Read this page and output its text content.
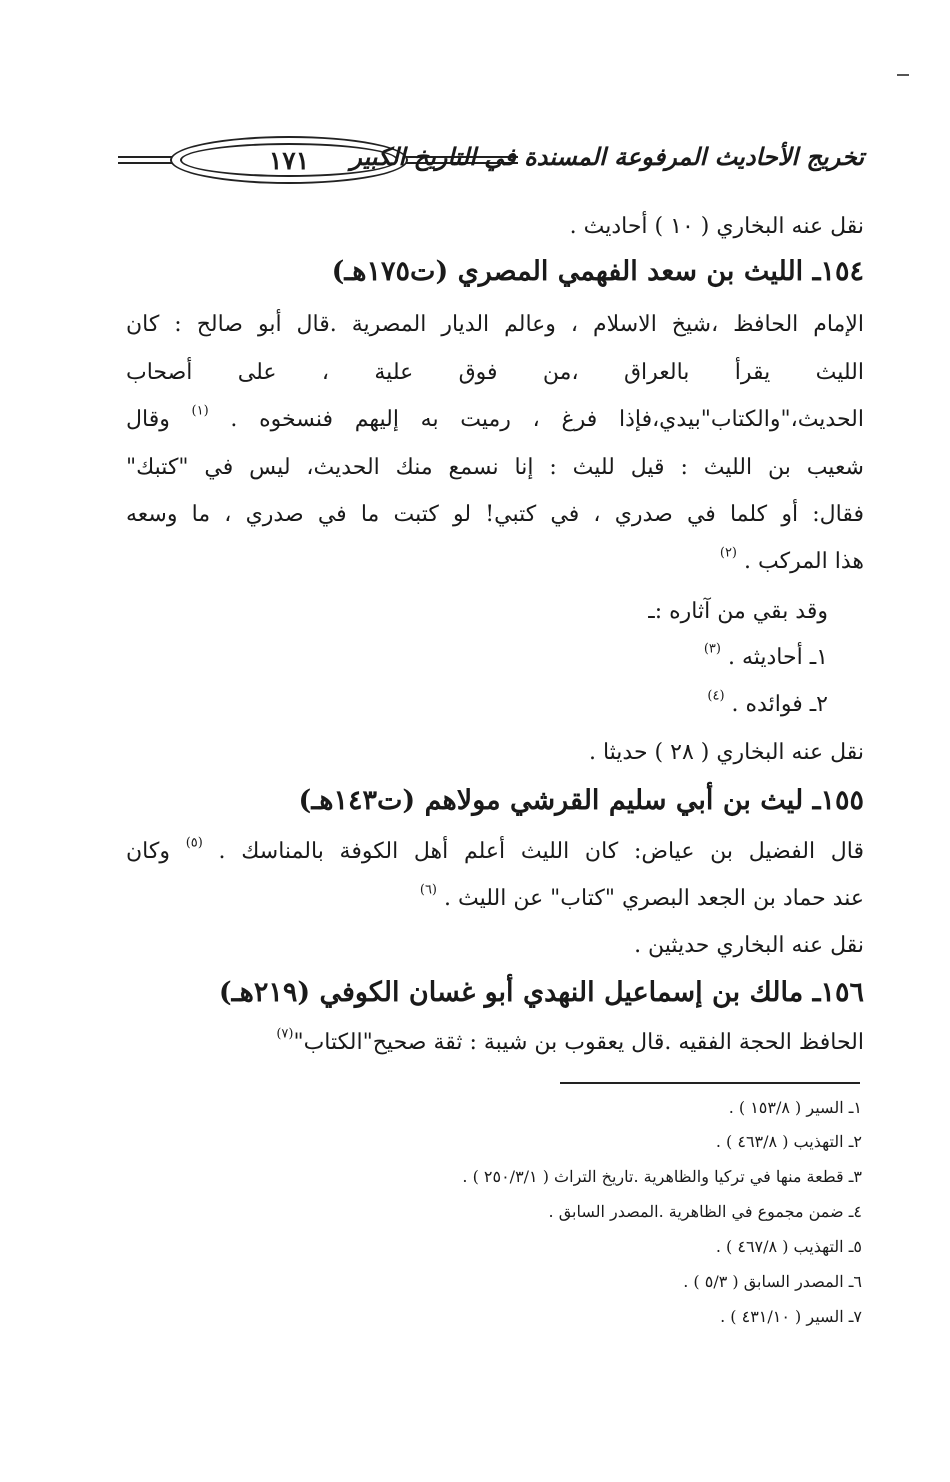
١٧١	تخريج الأحاديث المرفوعة المسندة في التاريخ الكبير
نقل عنه البخاري ( ١٠ ) أحاديث .
١٥٤ـ الليث بن سعد الفهمي المصري (ت١٧٥هـ)
الإمام الحافظ ،شيخ الاسلام ، وعالم الديار المصرية .قال أبو صالح : كان
الليث يقرأ بالعراق ،من فوق علية ، على أصحاب
الحديث،"والكتاب"بيدي،فإذا فرغ ، رميت به إليهم فنسخوه . $^{(١)}$ وقال
شعيب بن الليث : قيل لليث : إنا نسمع منك الحديث، ليس في "كتبك"
فقال: أو كلما في صدري ، في كتبي! لو كتبت ما في صدري ، ما وسعه
هذا المركب . $^{(٢)}$
وقد بقي من آثاره :ـ
١ـ أحاديثه . $^{(٣)}$
٢ـ فوائده . $^{(٤)}$
نقل عنه البخاري ( ٢٨ ) حديثا .
١٥٥ـ ليث بن أبي سليم القرشي مولاهم (ت١٤٣هـ)
قال الفضيل بن عياض: كان الليث أعلم أهل الكوفة بالمناسك . $^{(٥)}$ وكان
عند حماد بن الجعد البصري "كتاب" عن الليث . $^{(٦)}$
نقل عنه البخاري حديثين .
١٥٦ـ مالك بن إسماعيل النهدي أبو غسان الكوفي (٢١٩هـ)
الحافظ الحجة الفقيه .قال يعقوب بن شيبة : ثقة صحيح"الكتاب"$^{(٧)}$
١ـ السير ( ١٥٣/٨ ) .
٢ـ التهذيب ( ٤٦٣/٨ ) .
٣ـ قطعة منها في تركيا والظاهرية .تاريخ التراث ( ٢٥٠/٣/١ ) .
٤ـ ضمن مجموع في الظاهرية .المصدر السابق .
٥ـ التهذيب ( ٤٦٧/٨ ) .
٦ـ المصدر السابق ( ٥/٣ ) .
٧ـ السير ( ٤٣١/١٠ ) .
